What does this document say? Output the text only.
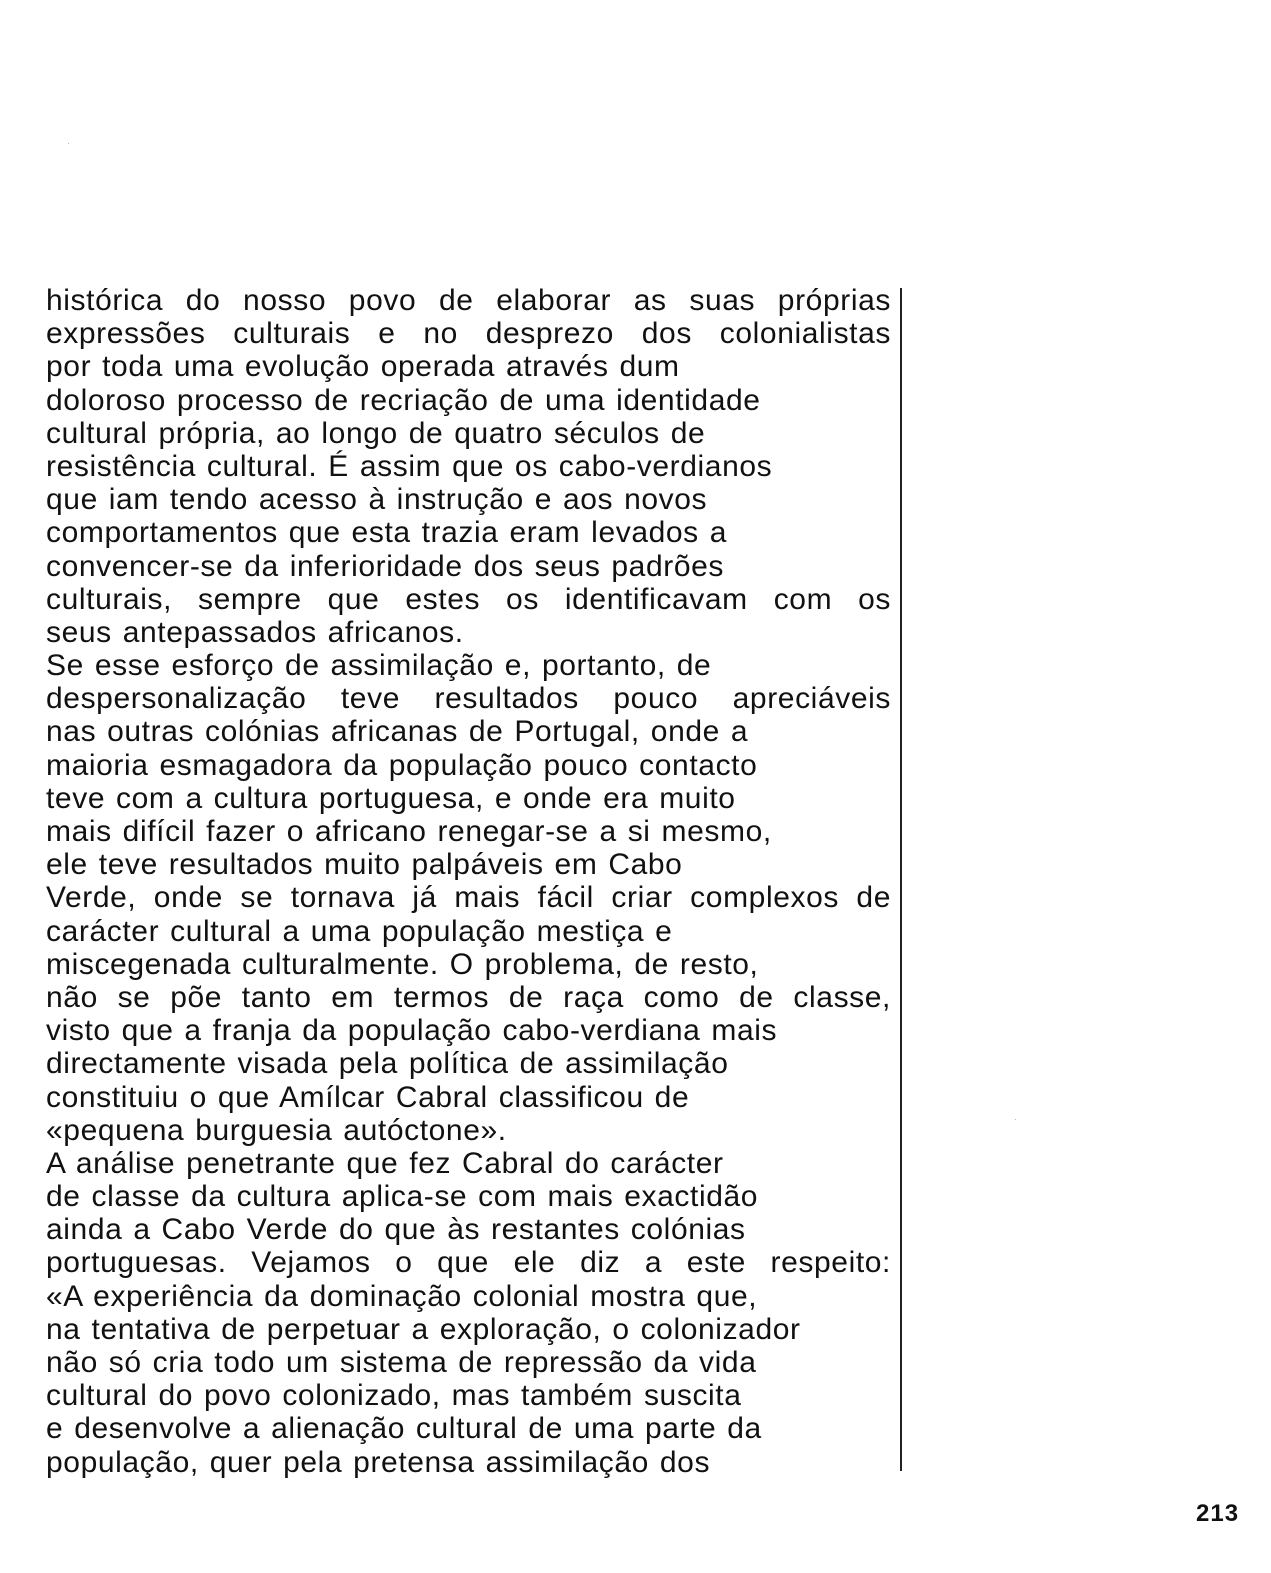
histórica do nosso povo de elaborar as suas próprias
expressões culturais e no desprezo dos colonialistas
por toda uma evolução operada através dum
doloroso processo de recriação de uma identidade
cultural própria, ao longo de quatro séculos de
resistência cultural. É assim que os cabo-verdianos
que iam tendo acesso à instrução e aos novos
comportamentos que esta trazia eram levados a
convencer-se da inferioridade dos seus padrões
culturais, sempre que estes os identificavam com os
seus antepassados africanos.
Se esse esforço de assimilação e, portanto, de
despersonalização teve resultados pouco apreciáveis
nas outras colónias africanas de Portugal, onde a
maioria esmagadora da população pouco contacto
teve com a cultura portuguesa, e onde era muito
mais difícil fazer o africano renegar-se a si mesmo,
ele teve resultados muito palpáveis em Cabo
Verde, onde se tornava já mais fácil criar complexos de
carácter cultural a uma população mestiça e
miscegenada culturalmente. O problema, de resto,
não se põe tanto em termos de raça como de classe,
visto que a franja da população cabo-verdiana mais
directamente visada pela política de assimilação
constituiu o que Amílcar Cabral classificou de
«pequena burguesia autóctone».
A análise penetrante que fez Cabral do carácter
de classe da cultura aplica-se com mais exactidão
ainda a Cabo Verde do que às restantes colónias
portuguesas. Vejamos o que ele diz a este respeito:
«A experiência da dominação colonial mostra que,
na tentativa de perpetuar a exploração, o colonizador
não só cria todo um sistema de repressão da vida
cultural do povo colonizado, mas também suscita
e desenvolve a alienação cultural de uma parte da
população, quer pela pretensa assimilação dos
213
